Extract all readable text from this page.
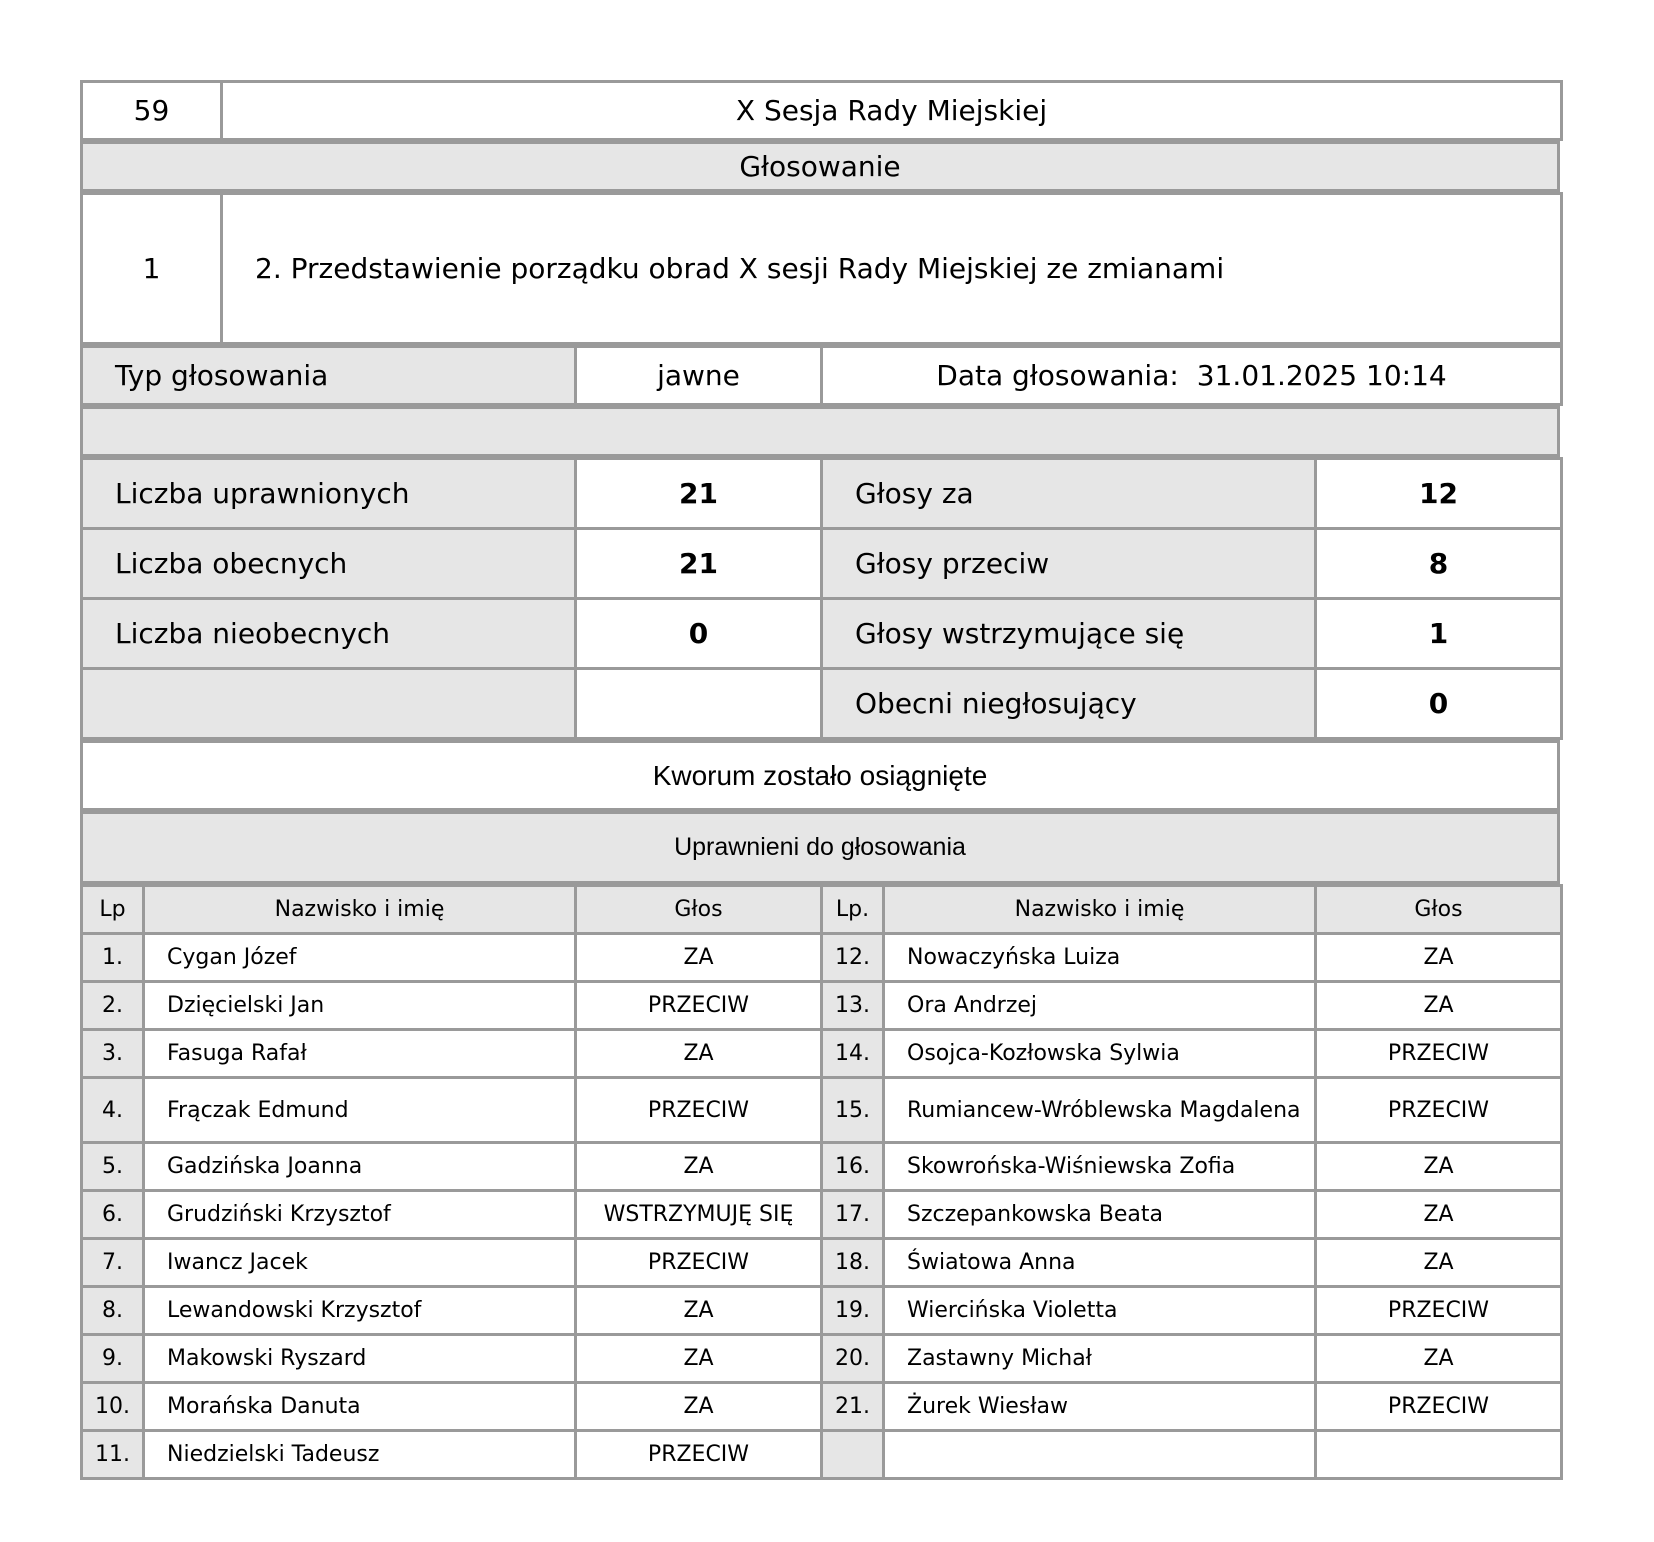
59	X Sesja Rady Miejskiej
Głosowanie
1	2. Przedstawienie porządku obrad X sesji Rady Miejskiej ze zmianami
Typ głosowania	jawne	Data głosowania: 31.01.2025 10:14
Liczba uprawnionych	21	Głosy za	12
Liczba obecnych	21	Głosy przeciw	8
Liczba nieobecnych	0	Głosy wstrzymujące się	1
		Obecni niegłosujący	0
Kworum zostało osiągnięte
Uprawnieni do głosowania
Lp	Nazwisko i imię	Głos	Lp.	Nazwisko i imię	Głos
1.	Cygan Józef	ZA	12.	Nowaczyńska Luiza	ZA
2.	Dzięcielski Jan	PRZECIW	13.	Ora Andrzej	ZA
3.	Fasuga Rafał	ZA	14.	Osojca-Kozłowska Sylwia	PRZECIW
4.	Frączak Edmund	PRZECIW	15.	Rumiancew-Wróblewska Magdalena	PRZECIW
5.	Gadzińska Joanna	ZA	16.	Skowrońska-Wiśniewska Zofia	ZA
6.	Grudziński Krzysztof	WSTRZYMUJĘ SIĘ	17.	Szczepankowska Beata	ZA
7.	Iwancz Jacek	PRZECIW	18.	Światowa Anna	ZA
8.	Lewandowski Krzysztof	ZA	19.	Wiercińska Violetta	PRZECIW
9.	Makowski Ryszard	ZA	20.	Zastawny Michał	ZA
10.	Morańska Danuta	ZA	21.	Żurek Wiesław	PRZECIW
11.	Niedzielski Tadeusz	PRZECIW			
